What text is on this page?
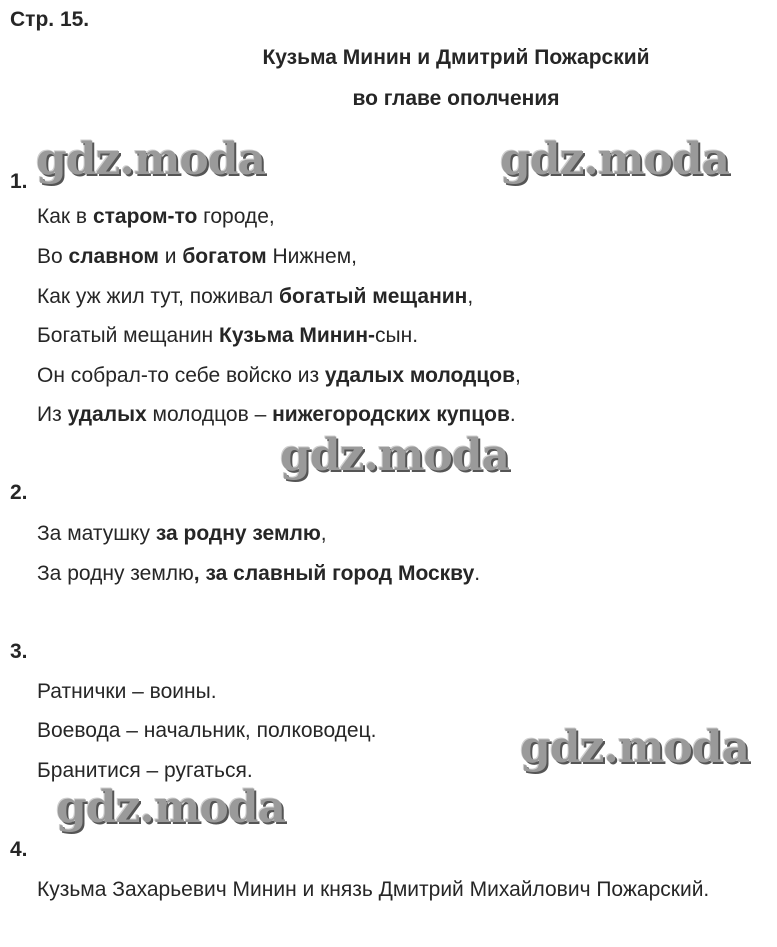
Стр. 15.
Кузьма Минин и Дмитрий Пожарский
во главе ополчения
gdz.moda	gdz.moda
gdz.moda
gdz.moda
gdz.moda
1.
Как в старом-то городе,
Во славном и богатом Нижнем,
Как уж жил тут, поживал богатый мещанин,
Богатый мещанин Кузьма Минин-сын.
Он собрал-то себе войско из удалых молодцов,
Из удалых молодцов – нижегородских купцов.
2.
За матушку за родну землю,
За родну землю, за славный город Москву.
3.
Ратнички – воины.
Воевода – начальник, полководец.
Бранитися – ругаться.
4.
Кузьма Захарьевич Минин и князь Дмитрий Михайлович Пожарский.
